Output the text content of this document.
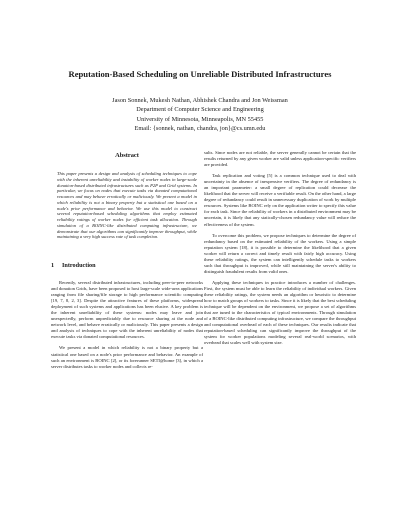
Reputation-Based Scheduling on Unreliable Distributed Infrastructures
Jason Sonnek, Mukesh Nathan, Abhishek Chandra and Jon Weissman
Department of Computer Science and Engineering
University of Minnesota, Minneapolis, MN 55455
Email: {sonnek, nathan, chandra, jon}@cs.umn.edu
Abstract

This paper presents a design and analysis of scheduling techniques to cope with the inherent unreliability and instability of worker nodes in large-scale donation-based distributed infrastructures such as P2P and Grid systems. In particular, we focus on nodes that execute tasks via donated computational resources and may behave erratically or maliciously. We present a model in which reliability is not a binary property but a statistical one based on a node's prior performance and behavior. We use this model to construct several reputation-based scheduling algorithms that employ estimated reliability ratings of worker nodes for efficient task allocation. Through simulation of a BOINC-like distributed computing infrastructure, we demonstrate that our algorithms can significantly improve throughput, while maintaining a very high success rate of task completion.

1 Introduction

Recently, several distributed infrastructures, including peer-to-peer networks and donation Grids, have been proposed to host large-scale wide-area applications ranging from file sharing/file storage to high performance scientific computing [19, 7, 8, 2, 3]. Despite the attractive features of these platforms, widespread deployment of such systems and applications has been elusive. A key problem is the inherent unreliability of these systems: nodes may leave and join unexpectedly, perform unpredictably due to resource sharing at the node and network level, and behave erratically or maliciously. This paper presents a design and analysis of techniques to cope with the inherent unreliability of nodes that execute tasks via donated computational resources.

We present a model in which reliability is not a binary property but a statistical one based on a node's prior performance and behavior. An example of such an environment is BOINC [2], or its forerunner SETI@home [3], in which a server distributes tasks to worker nodes and collects re-

sults. Since nodes are not reliable, the server generally cannot be certain that the results returned by any given worker are valid unless application-specific verifiers are provided.

Task replication and voting [5] is a common technique used to deal with uncertainty in the absence of inexpensive verifiers. The degree of redundancy is an important parameter: a small degree of replication could decrease the likelihood that the server will receive a verifiable result. On the other hand, a large degree of redundancy could result in unnecessary duplication of work by multiple resources. Systems like BOINC rely on the application writer to specify this value for each task. Since the reliability of workers in a distributed environment may be uncertain, it is likely that any statically-chosen redundancy value will reduce the effectiveness of the system.

To overcome this problem, we propose techniques to determine the degree of redundancy based on the estimated reliability of the workers. Using a simple reputation system [18], it is possible to determine the likelihood that a given worker will return a correct and timely result with fairly high accuracy. Using these reliability ratings, the system can intelligently schedule tasks to workers such that throughput is improved, while still maintaining the server's ability to distinguish fraudulent results from valid ones.

Applying these techniques in practice introduces a number of challenges. First, the system must be able to learn the reliability of individual workers. Given these reliability ratings, the system needs an algorithm or heuristic to determine how to match groups of workers to tasks. Since it is likely that the best scheduling technique will be dependent on the environment, we propose a set of algorithms that are tuned to the characteristics of typical environments. Through simulation of a BOINC-like distributed computing infrastructure, we compare the throughput and computational overhead of each of these techniques. Our results indicate that reputation-based scheduling can significantly improve the throughput of the system for worker populations modeling several real-world scenarios, with overhead that scales well with system size.
